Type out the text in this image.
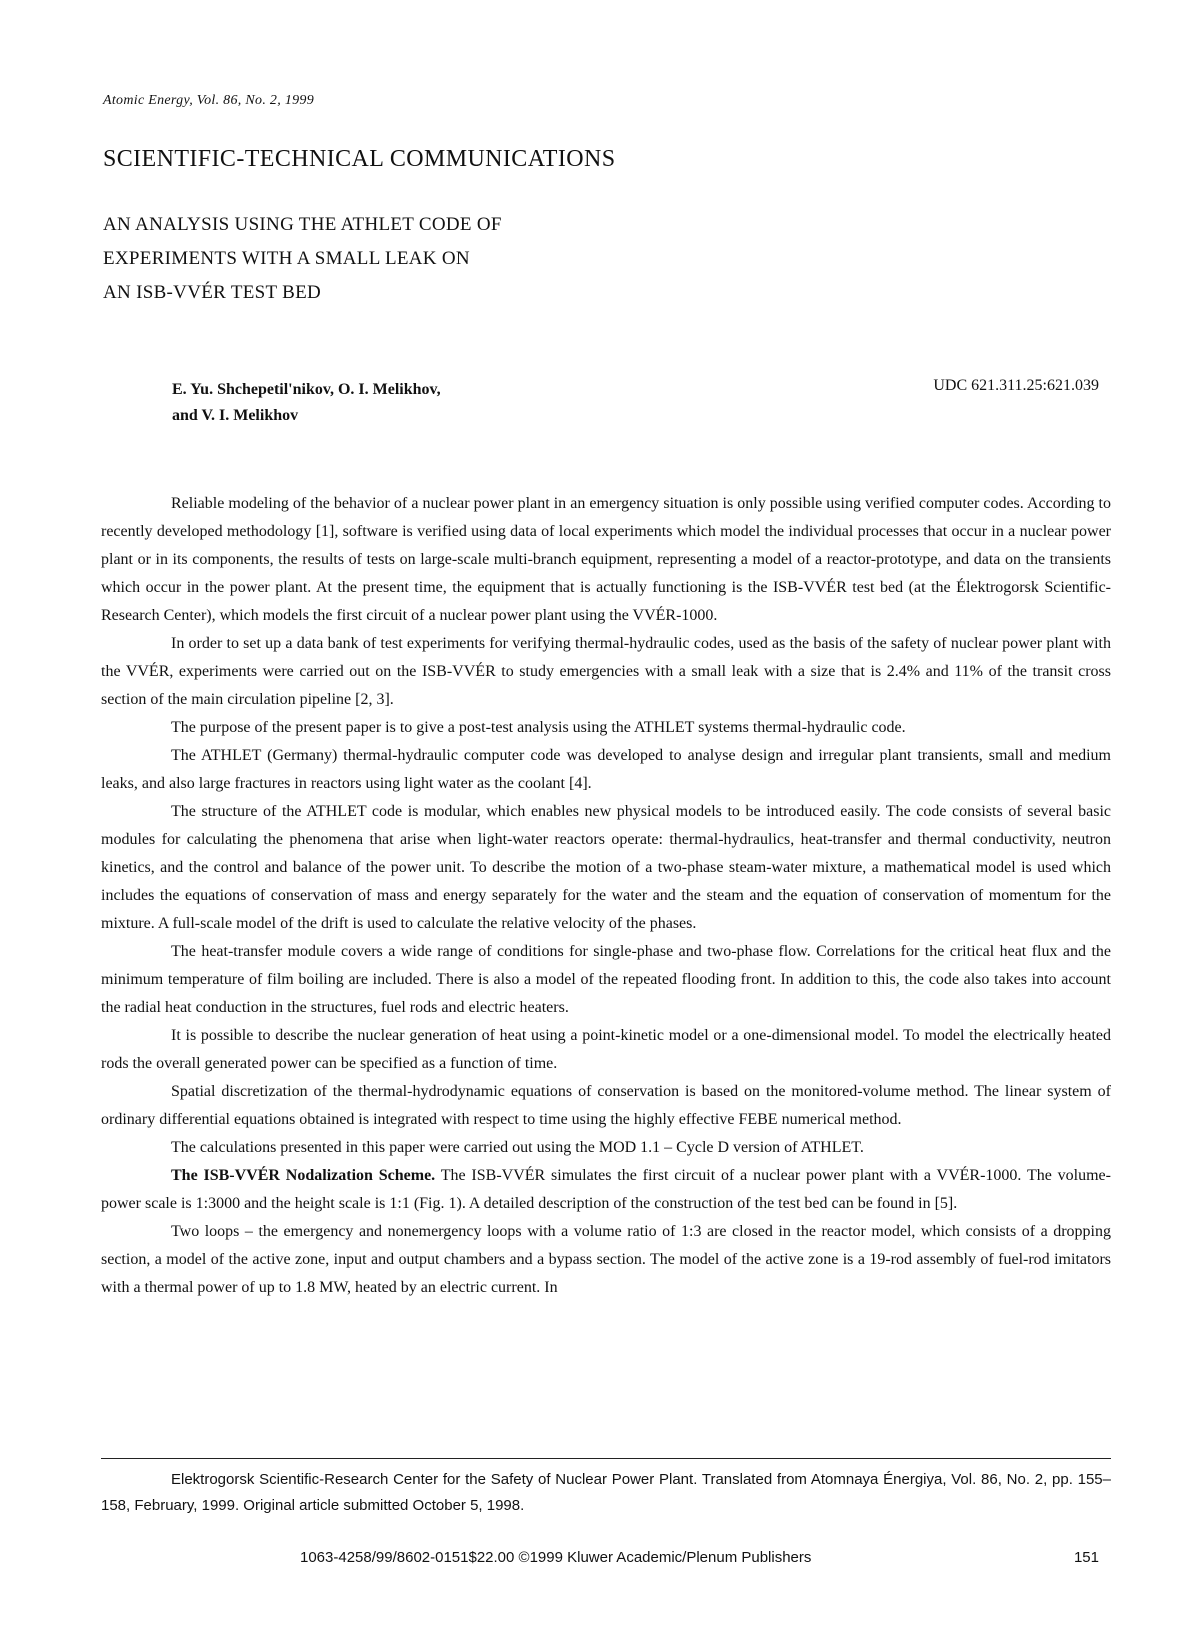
Atomic Energy, Vol. 86, No. 2, 1999
SCIENTIFIC-TECHNICAL COMMUNICATIONS
AN ANALYSIS USING THE ATHLET CODE OF
EXPERIMENTS WITH A SMALL LEAK ON
AN ISB-VVÉR TEST BED
E. Yu. Shchepetil'nikov, O. I. Melikhov,
and V. I. Melikhov
UDC 621.311.25:621.039

Reliable modeling of the behavior of a nuclear power plant in an emergency situation is only possible using verified computer codes. According to recently developed methodology [1], software is verified using data of local experiments which model the individual processes that occur in a nuclear power plant or in its components, the results of tests on large-scale multi-branch equipment, representing a model of a reactor-prototype, and data on the transients which occur in the power plant. At the present time, the equipment that is actually functioning is the ISB-VVÉR test bed (at the Élektrogorsk Scientific-Research Center), which models the first circuit of a nuclear power plant using the VVÉR-1000.

In order to set up a data bank of test experiments for verifying thermal-hydraulic codes, used as the basis of the safety of nuclear power plant with the VVÉR, experiments were carried out on the ISB-VVÉR to study emergencies with a small leak with a size that is 2.4% and 11% of the transit cross section of the main circulation pipeline [2, 3].

The purpose of the present paper is to give a post-test analysis using the ATHLET systems thermal-hydraulic code.

The ATHLET (Germany) thermal-hydraulic computer code was developed to analyse design and irregular plant transients, small and medium leaks, and also large fractures in reactors using light water as the coolant [4].

The structure of the ATHLET code is modular, which enables new physical models to be introduced easily. The code consists of several basic modules for calculating the phenomena that arise when light-water reactors operate: thermal-hydraulics, heat-transfer and thermal conductivity, neutron kinetics, and the control and balance of the power unit. To describe the motion of a two-phase steam-water mixture, a mathematical model is used which includes the equations of conservation of mass and energy separately for the water and the steam and the equation of conservation of momentum for the mixture. A full-scale model of the drift is used to calculate the relative velocity of the phases.

The heat-transfer module covers a wide range of conditions for single-phase and two-phase flow. Correlations for the critical heat flux and the minimum temperature of film boiling are included. There is also a model of the repeated flooding front. In addition to this, the code also takes into account the radial heat conduction in the structures, fuel rods and electric heaters.

It is possible to describe the nuclear generation of heat using a point-kinetic model or a one-dimensional model. To model the electrically heated rods the overall generated power can be specified as a function of time.

Spatial discretization of the thermal-hydrodynamic equations of conservation is based on the monitored-volume method. The linear system of ordinary differential equations obtained is integrated with respect to time using the highly effective FEBE numerical method.

The calculations presented in this paper were carried out using the MOD 1.1 – Cycle D version of ATHLET.

The ISB-VVÉR Nodalization Scheme. The ISB-VVÉR simulates the first circuit of a nuclear power plant with a VVÉR-1000. The volume-power scale is 1:3000 and the height scale is 1:1 (Fig. 1). A detailed description of the construction of the test bed can be found in [5].

Two loops – the emergency and nonemergency loops with a volume ratio of 1:3 are closed in the reactor model, which consists of a dropping section, a model of the active zone, input and output chambers and a bypass section. The model of the active zone is a 19-rod assembly of fuel-rod imitators with a thermal power of up to 1.8 MW, heated by an electric current. In

Elektrogorsk Scientific-Research Center for the Safety of Nuclear Power Plant. Translated from Atomnaya Énergiya, Vol. 86, No. 2, pp. 155–158, February, 1999. Original article submitted October 5, 1998.
1063-4258/99/8602-0151$22.00 ©1999 Kluwer Academic/Plenum Publishers	151
